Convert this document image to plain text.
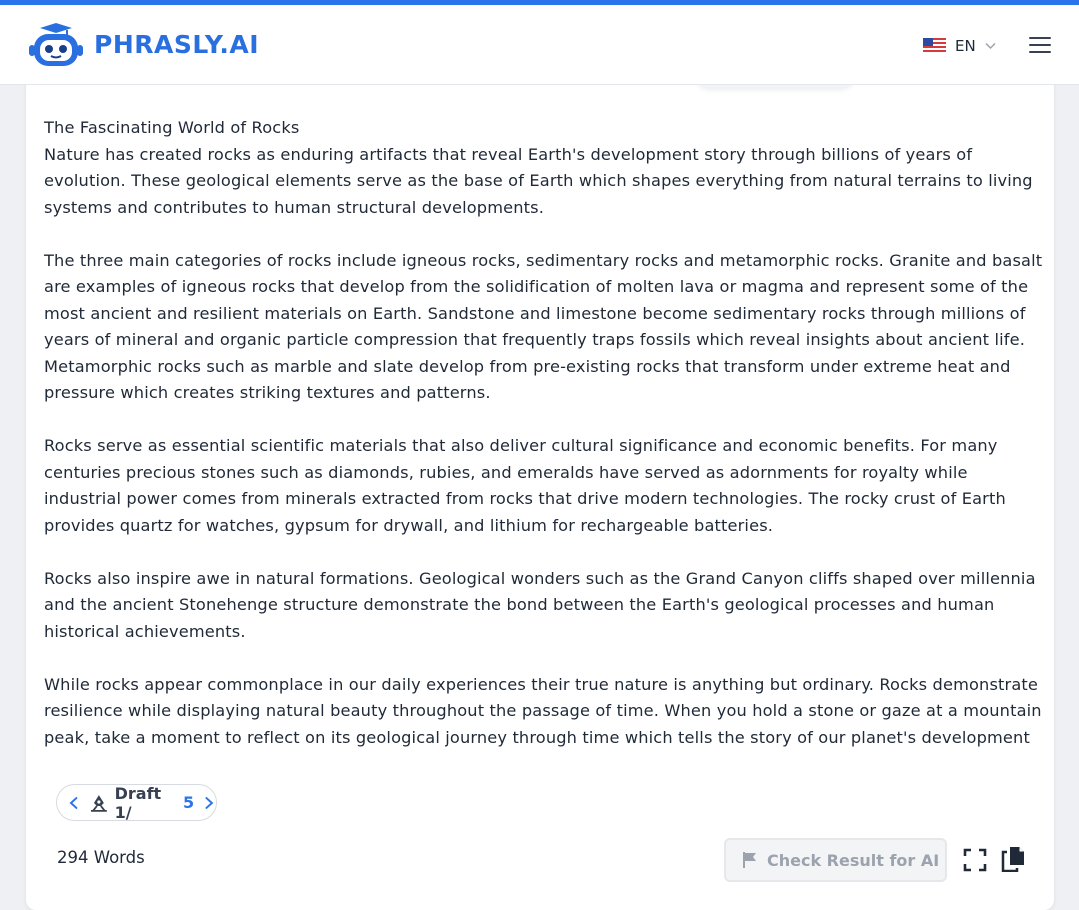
PHRASLY.AI	EN

The Fascinating World of Rocks

Nature has created rocks as enduring artifacts that reveal Earth's development story through billions of years of evolution. These geological elements serve as the base of Earth which shapes everything from natural terrains to living systems and contributes to human structural developments.

The three main categories of rocks include igneous rocks, sedimentary rocks and metamorphic rocks. Granite and basalt are examples of igneous rocks that develop from the solidification of molten lava or magma and represent some of the most ancient and resilient materials on Earth. Sandstone and limestone become sedimentary rocks through millions of years of mineral and organic particle compression that frequently traps fossils which reveal insights about ancient life. Metamorphic rocks such as marble and slate develop from pre-existing rocks that transform under extreme heat and pressure which creates striking textures and patterns.

Rocks serve as essential scientific materials that also deliver cultural significance and economic benefits. For many centuries precious stones such as diamonds, rubies, and emeralds have served as adornments for royalty while industrial power comes from minerals extracted from rocks that drive modern technologies. The rocky crust of Earth provides quartz for watches, gypsum for drywall, and lithium for rechargeable batteries.

Rocks also inspire awe in natural formations. Geological wonders such as the Grand Canyon cliffs shaped over millennia and the ancient Stonehenge structure demonstrate the bond between the Earth's geological processes and human historical achievements.

While rocks appear commonplace in our daily experiences their true nature is anything but ordinary. Rocks demonstrate resilience while displaying natural beauty throughout the passage of time. When you hold a stone or gaze at a mountain peak, take a moment to reflect on its geological journey through time which tells the story of our planet's development

Draft 1/	5
294 Words	Check Result for AI
